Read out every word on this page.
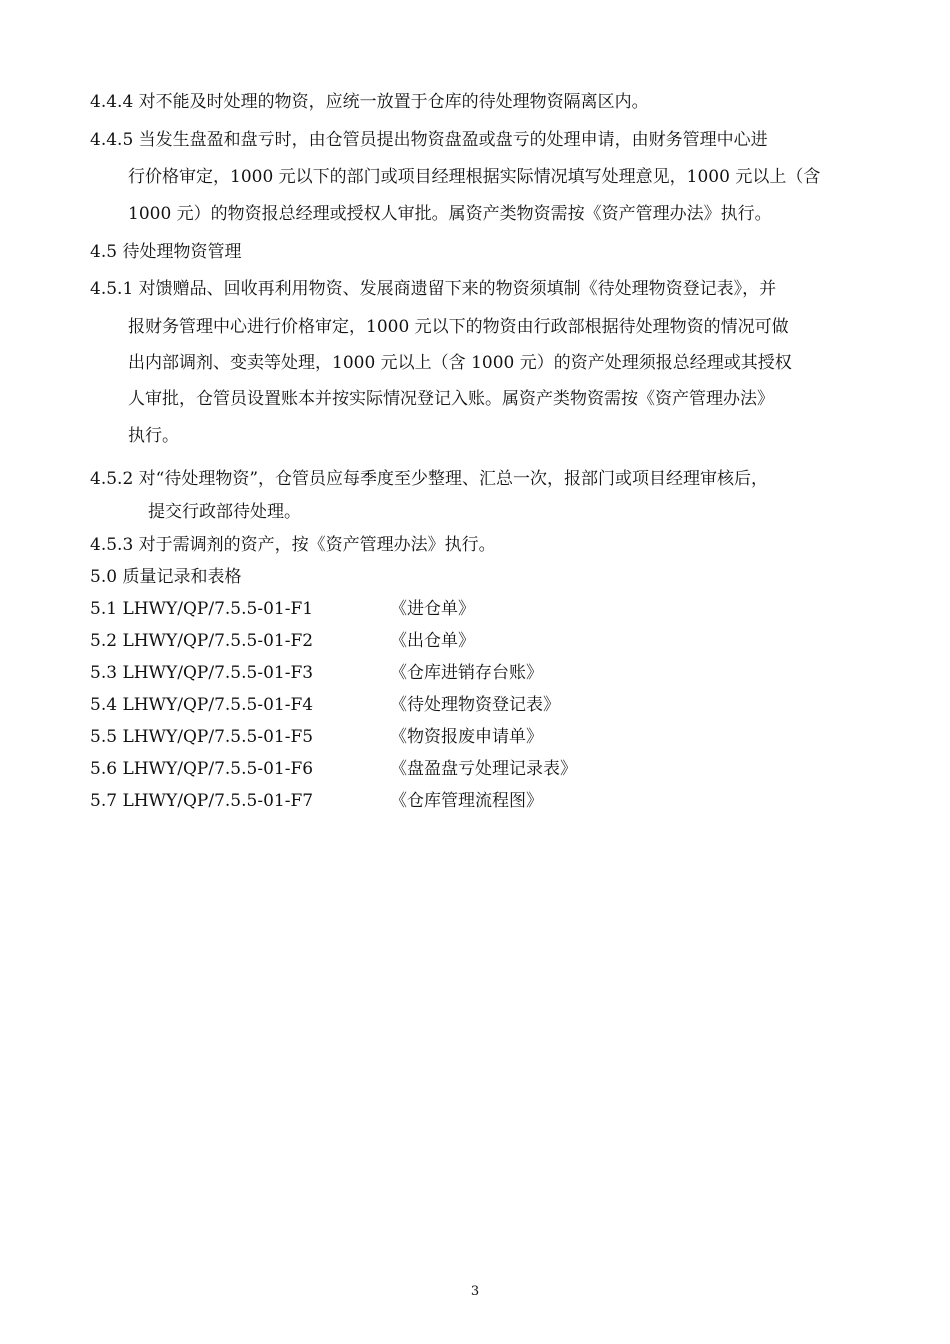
4.4.4 对不能及时处理的物资，应统一放置于仓库的待处理物资隔离区内。
4.4.5 当发生盘盈和盘亏时，由仓管员提出物资盘盈或盘亏的处理申请，由财务管理中心进
行价格审定，1000 元以下的部门或项目经理根据实际情况填写处理意见，1000 元以上（含
1000 元）的物资报总经理或授权人审批。属资产类物资需按《资产管理办法》执行。
4.5 待处理物资管理
4.5.1 对馈赠品、回收再利用物资、发展商遗留下来的物资须填制《待处理物资登记表》，并
报财务管理中心进行价格审定，1000 元以下的物资由行政部根据待处理物资的情况可做
出内部调剂、变卖等处理，1000 元以上（含 1000 元）的资产处理须报总经理或其授权
人审批，仓管员设置账本并按实际情况登记入账。属资产类物资需按《资产管理办法》
执行。
4.5.2 对“待处理物资”，仓管员应每季度至少整理、汇总一次，报部门或项目经理审核后，
提交行政部待处理。
4.5.3 对于需调剂的资产，按《资产管理办法》执行。
5.0 质量记录和表格
5.1 LHWY/QP/7.5.5-01-F1	《进仓单》
5.2 LHWY/QP/7.5.5-01-F2	《出仓单》
5.3 LHWY/QP/7.5.5-01-F3	《仓库进销存台账》
5.4 LHWY/QP/7.5.5-01-F4	《待处理物资登记表》
5.5 LHWY/QP/7.5.5-01-F5	《物资报废申请单》
5.6 LHWY/QP/7.5.5-01-F6	《盘盈盘亏处理记录表》
5.7 LHWY/QP/7.5.5-01-F7	《仓库管理流程图》
3
